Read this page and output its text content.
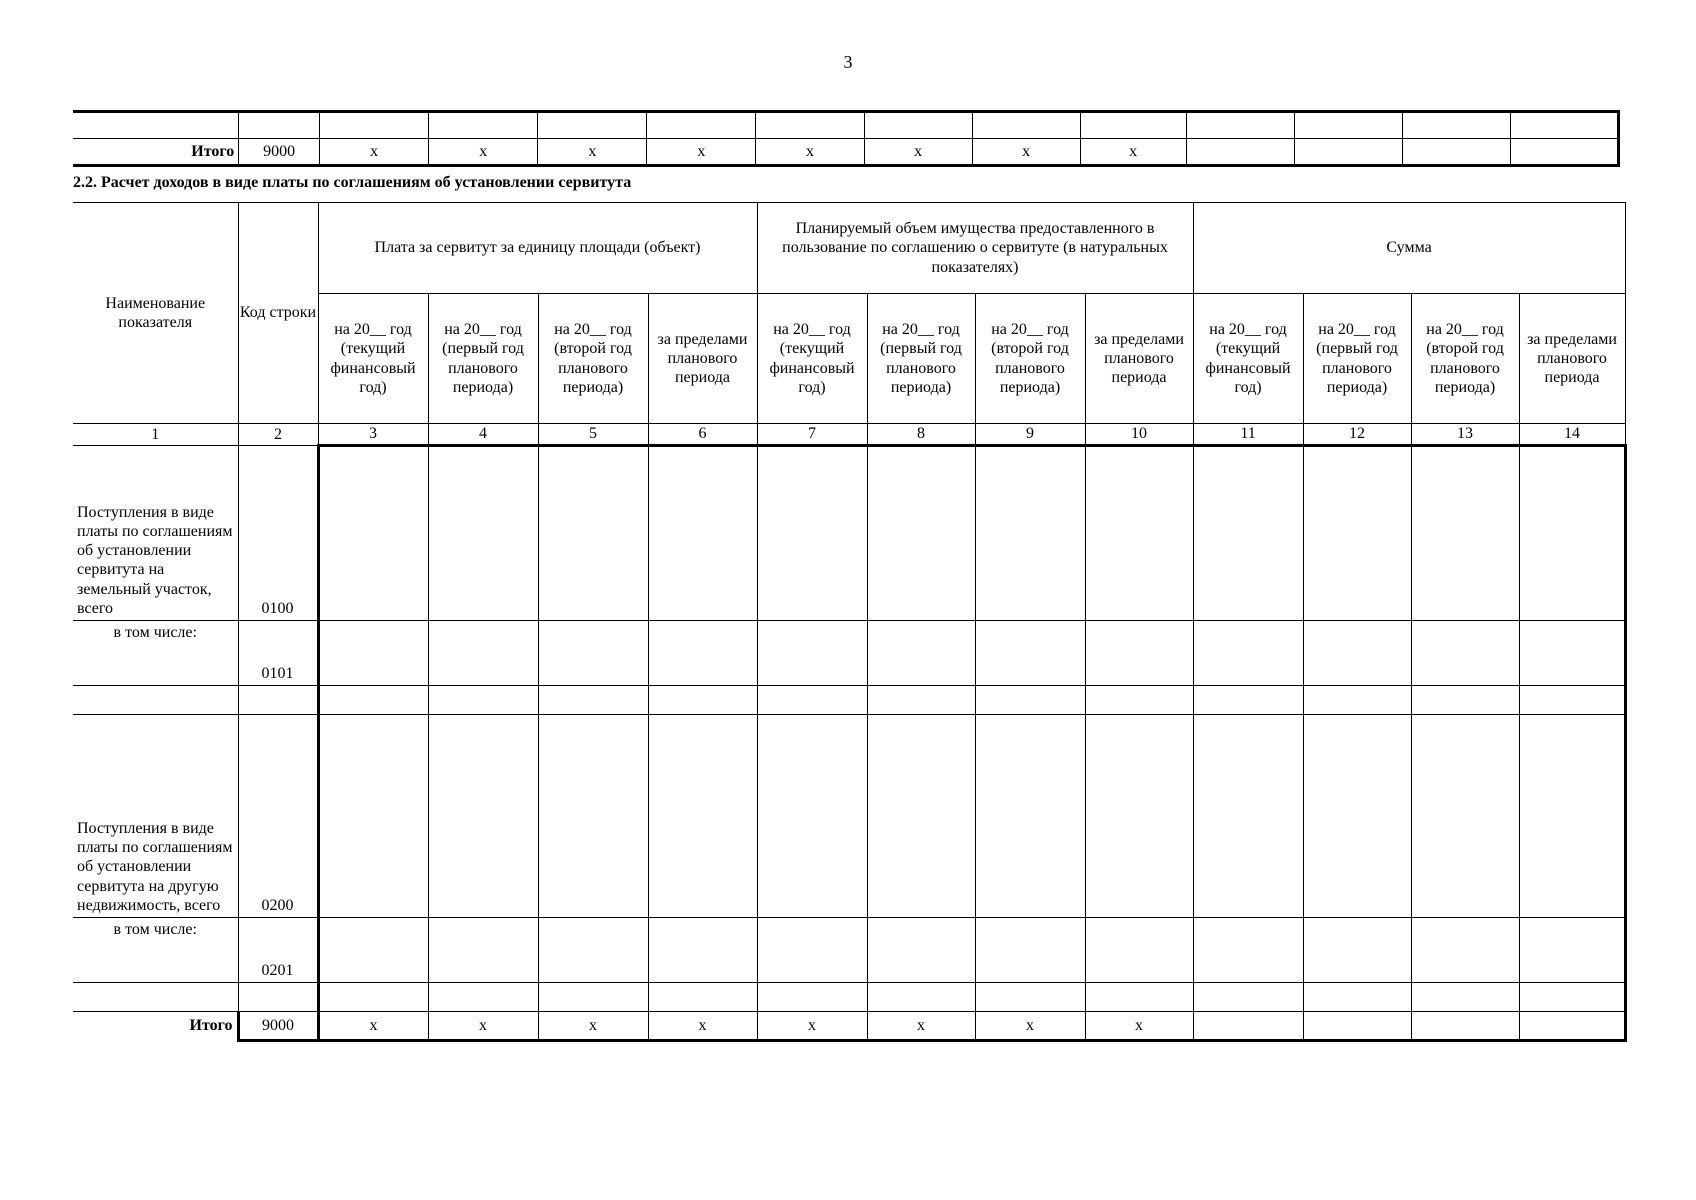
3

Итого	9000	x	x	x	x	x	x	x	x				
2.2. Расчет доходов в виде платы по соглашениям об установлении сервитута
Наименование показателя	Код строки	Плата за сервитут за единицу площади (объект)				Планируемый объем имущества предоставленного в пользование по соглашению о сервитуте (в натуральных показателях)				Сумма			
		на 20__ год (текущий финансовый год)	на 20__ год (первый год планового периода)	на 20__ год (второй год планового периода)	за пределами планового периода	на 20__ год (текущий финансовый год)	на 20__ год (первый год планового периода)	на 20__ год (второй год планового периода)	за пределами планового периода	на 20__ год (текущий финансовый год)	на 20__ год (первый год планового периода)	на 20__ год (второй год планового периода)	за пределами планового периода
1	2	3	4	5	6	7	8	9	10	11	12	13	14
Поступления в виде платы по соглашениям об установлении сервитута на земельный участок, всего	0100												
в том числе:	0101												

Поступления в виде платы по соглашениям об установлении сервитута на другую недвижимость, всего	0200												
в том числе:	0201												

Итого	9000	x	x	x	x	x	x	x	x				
